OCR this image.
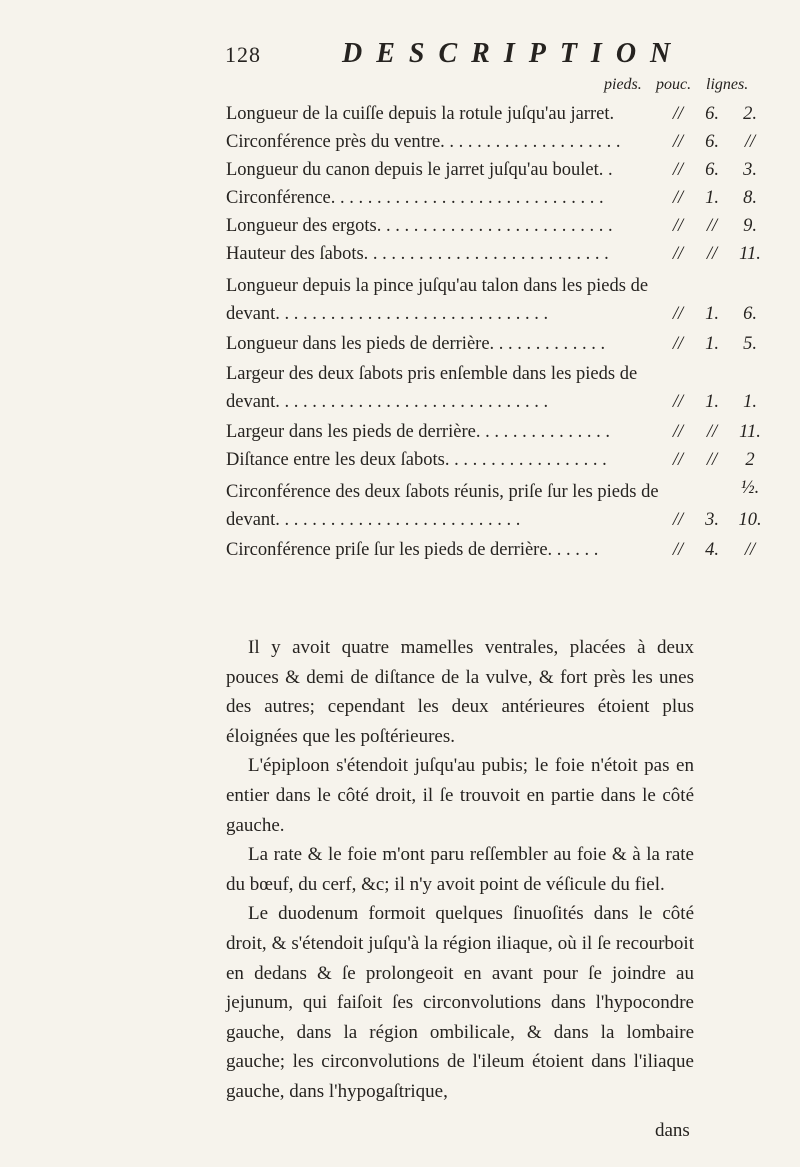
128	DESCRIPTION
pieds. pouc. lignes.
Longueur de la cuiſſe depuis la rotule juſqu'au jarret.	//	6.	2.
Circonférence près du ventre. . . . . . . . . . . . . . . . . . . .	//	6.	//
Longueur du canon depuis le jarret juſqu'au boulet. .	//	6.	3.
Circonférence. . . . . . . . . . . . . . . . . . . . . . . . . . . . . .	//	1.	8.
Longueur des ergots. . . . . . . . . . . . . . . . . . . . . . . . . .	//	//	9.
Hauteur des ſabots. . . . . . . . . . . . . . . . . . . . . . . . . . .	//	//	11.
Longueur depuis la pince juſqu'au talon dans les pieds de devant. . . . . . . . . . . . . . . . . . . . . . . . . . . . . .	//	1.	6.
Longueur dans les pieds de derrière. . . . . . . . . . . . .	//	1.	5.
Largeur des deux ſabots pris enſemble dans les pieds de devant. . . . . . . . . . . . . . . . . . . . . . . . . . . . . .	//	1.	1.
Largeur dans les pieds de derrière. . . . . . . . . . . . . . .	//	//	11.
Diſtance entre les deux ſabots. . . . . . . . . . . . . . . . . .	//	//	2 ½.
Circonférence des deux ſabots réunis, priſe ſur les pieds de devant. . . . . . . . . . . . . . . . . . . . . . . . . . .	//	3.	10.
Circonférence priſe ſur les pieds de derrière. . . . . .	//	4.	//

Il y avoit quatre mamelles ventrales, placées à deux pouces & demi de diſtance de la vulve, & fort près les unes des autres; cependant les deux antérieures étoient plus éloignées que les poſtérieures.

L'épiploon s'étendoit juſqu'au pubis; le foie n'étoit pas en entier dans le côté droit, il ſe trouvoit en partie dans le côté gauche.

La rate & le foie m'ont paru reſſembler au foie & à la rate du bœuf, du cerf, &c; il n'y avoit point de véſicule du fiel.

Le duodenum formoit quelques ſinuoſités dans le côté droit, & s'étendoit juſqu'à la région iliaque, où il ſe recourboit en dedans & ſe prolongeoit en avant pour ſe joindre au jejunum, qui faiſoit ſes circonvolutions dans l'hypocondre gauche, dans la région ombilicale, & dans la lombaire gauche; les circonvolutions de l'ileum étoient dans l'iliaque gauche, dans l'hypogaſtrique,

dans
